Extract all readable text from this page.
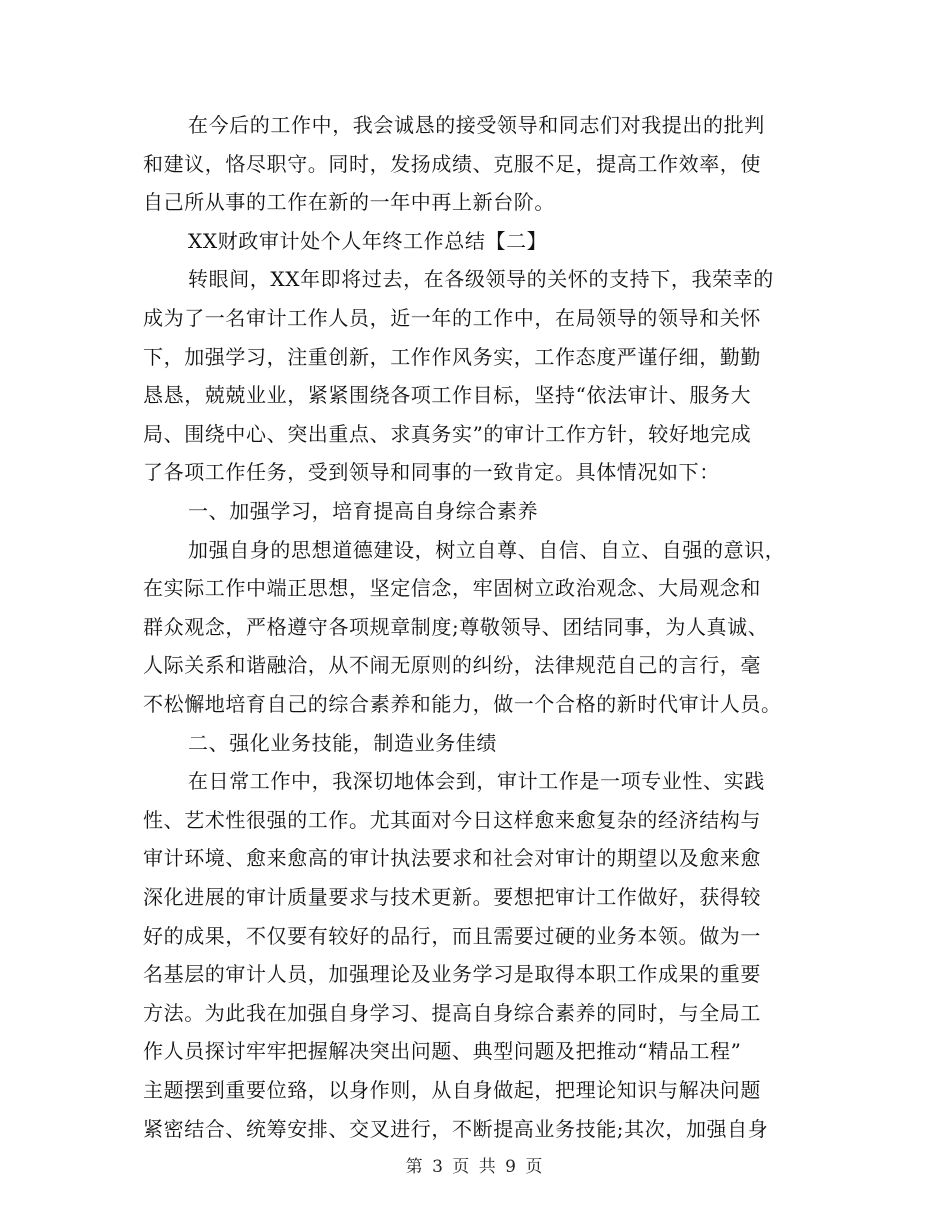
在今后的工作中，我会诚恳的接受领导和同志们对我提出的批判
和建议，恪尽职守。同时，发扬成绩、克服不足，提高工作效率，使
自己所从事的工作在新的一年中再上新台阶。
XX财政审计处个人年终工作总结【二】
转眼间，XX年即将过去，在各级领导的关怀的支持下，我荣幸的
成为了一名审计工作人员，近一年的工作中，在局领导的领导和关怀
下，加强学习，注重创新，工作作风务实，工作态度严谨仔细，勤勤
恳恳，兢兢业业，紧紧围绕各项工作目标，坚持“依法审计、服务大
局、围绕中心、突出重点、求真务实”的审计工作方针，较好地完成
了各项工作任务，受到领导和同事的一致肯定。具体情况如下：
一、加强学习，培育提高自身综合素养
加强自身的思想道德建设，树立自尊、自信、自立、自强的意识，
在实际工作中端正思想，坚定信念，牢固树立政治观念、大局观念和
群众观念，严格遵守各项规章制度;尊敬领导、团结同事，为人真诚、
人际关系和谐融洽，从不闹无原则的纠纷，法律规范自己的言行，毫
不松懈地培育自己的综合素养和能力，做一个合格的新时代审计人员。
二、强化业务技能，制造业务佳绩
在日常工作中，我深切地体会到，审计工作是一项专业性、实践
性、艺术性很强的工作。尤其面对今日这样愈来愈复杂的经济结构与
审计环境、愈来愈高的审计执法要求和社会对审计的期望以及愈来愈
深化进展的审计质量要求与技术更新。要想把审计工作做好，获得较
好的成果，不仅要有较好的品行，而且需要过硬的业务本领。做为一
名基层的审计人员，加强理论及业务学习是取得本职工作成果的重要
方法。为此我在加强自身学习、提高自身综合素养的同时，与全局工
作人员探讨牢牢把握解决突出问题、典型问题及把推动“精品工程”
主题摆到重要位臵，以身作则，从自身做起，把理论知识与解决问题
第 3 页 共 9 页
紧密结合、统筹安排、交叉进行，不断提高业务技能;其次，加强自身
